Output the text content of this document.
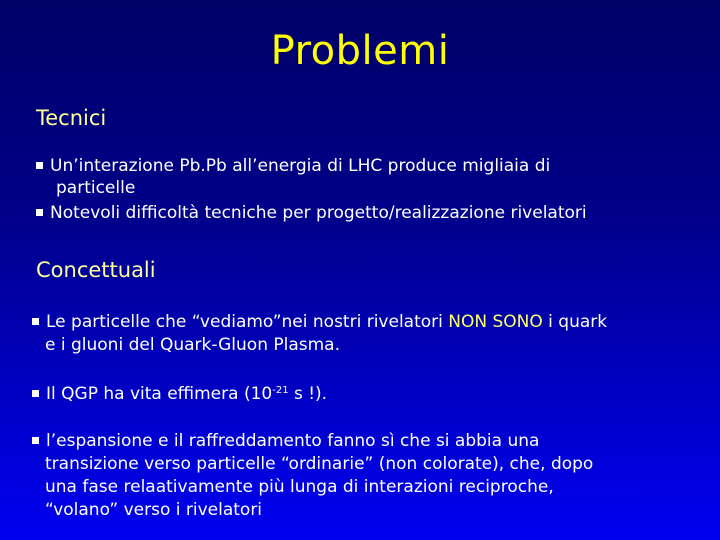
Problemi
Tecnici
Un’interazione Pb.Pb all’energia di LHC produce migliaia di
particelle
Notevoli difficoltà tecniche per progetto/realizzazione rivelatori
Concettuali
Le particelle che “vediamo”nei nostri rivelatori NON SONO i quark
e i gluoni del Quark-Gluon Plasma.
Il QGP ha vita effimera ($10^{-21}$ s !).
l’espansione e il raffreddamento fanno sì che si abbia una
transizione verso particelle “ordinarie” (non colorate), che, dopo
una fase relaativamente più lunga di interazioni reciproche,
“volano” verso i rivelatori
